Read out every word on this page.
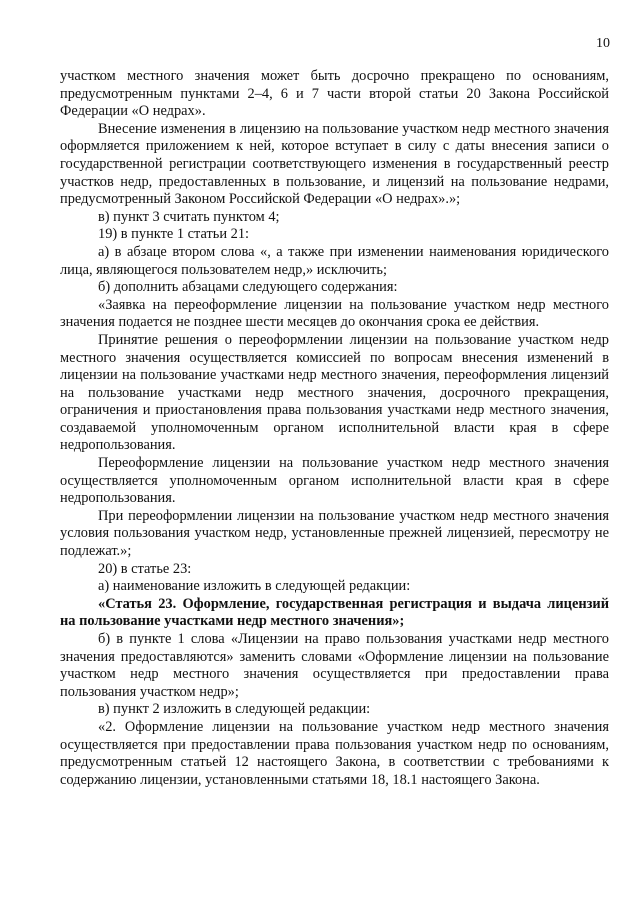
10

участком местного значения может быть досрочно прекращено по основаниям, предусмотренным пунктами 2–4, 6 и 7 части второй статьи 20 Закона Российской Федерации «О недрах».

Внесение изменения в лицензию на пользование участком недр местного значения оформляется приложением к ней, которое вступает в силу с даты внесения записи о государственной регистрации соответствующего изменения в государственный реестр участков недр, предоставленных в пользование, и лицензий на пользование недрами, предусмотренный Законом Российской Федерации «О недрах».»;

в) пункт 3 считать пунктом 4;

19) в пункте 1 статьи 21:

а) в абзаце втором слова «, а также при изменении наименования юридического лица, являющегося пользователем недр,» исключить;

б) дополнить абзацами следующего содержания:

«Заявка на переоформление лицензии на пользование участком недр местного значения подается не позднее шести месяцев до окончания срока ее действия.

Принятие решения о переоформлении лицензии на пользование участком недр местного значения осуществляется комиссией по вопросам внесения изменений в лицензии на пользование участками недр местного значения, переоформления лицензий на пользование участками недр местного значения, досрочного прекращения, ограничения и приостановления права пользования участками недр местного значения, создаваемой уполномоченным органом исполнительной власти края в сфере недропользования.

Переоформление лицензии на пользование участком недр местного значения осуществляется уполномоченным органом исполнительной власти края в сфере недропользования.

При переоформлении лицензии на пользование участком недр местного значения условия пользования участком недр, установленные прежней лицензией, пересмотру не подлежат.»;

20) в статье 23:

а) наименование изложить в следующей редакции:

«Статья 23. Оформление, государственная регистрация и выдача лицензий на пользование участками недр местного значения»;

б) в пункте 1 слова «Лицензии на право пользования участками недр местного значения предоставляются» заменить словами «Оформление лицензии на пользование участком недр местного значения осуществляется при предоставлении права пользования участком недр»;

в) пункт 2 изложить в следующей редакции:

«2. Оформление лицензии на пользование участком недр местного значения осуществляется при предоставлении права пользования участком недр по основаниям, предусмотренным статьей 12 настоящего Закона, в соответствии с требованиями к содержанию лицензии, установленными статьями 18, 18.1 настоящего Закона.
